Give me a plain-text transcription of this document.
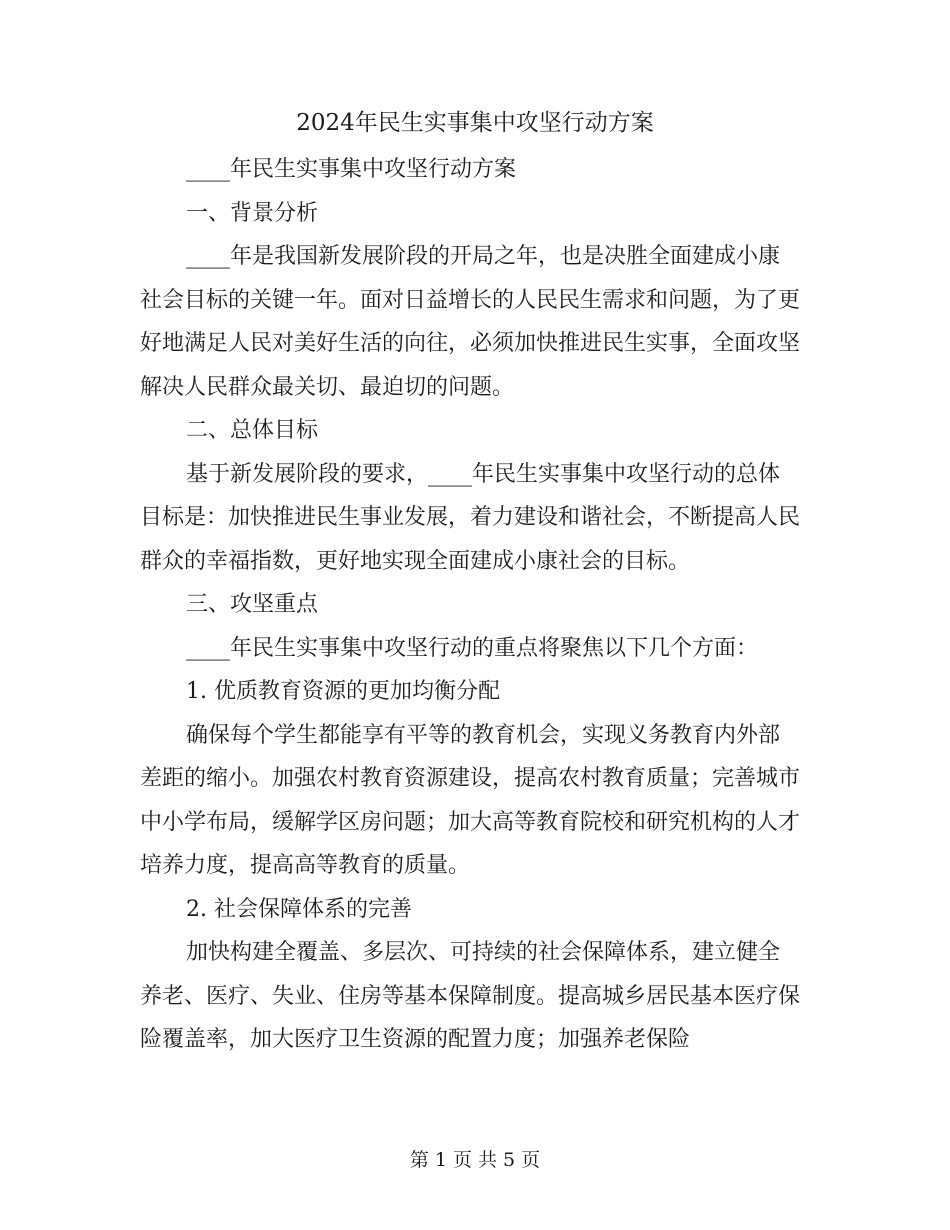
2024年民生实事集中攻坚行动方案

____年民生实事集中攻坚行动方案

一、背景分析

____年是我国新发展阶段的开局之年，也是决胜全面建成小康社会目标的关键一年。面对日益增长的人民民生需求和问题，为了更好地满足人民对美好生活的向往，必须加快推进民生实事，全面攻坚解决人民群众最关切、最迫切的问题。

二、总体目标

基于新发展阶段的要求，____年民生实事集中攻坚行动的总体目标是：加快推进民生事业发展，着力建设和谐社会，不断提高人民群众的幸福指数，更好地实现全面建成小康社会的目标。

三、攻坚重点

____年民生实事集中攻坚行动的重点将聚焦以下几个方面：

1. 优质教育资源的更加均衡分配

确保每个学生都能享有平等的教育机会，实现义务教育内外部差距的缩小。加强农村教育资源建设，提高农村教育质量；完善城市中小学布局，缓解学区房问题；加大高等教育院校和研究机构的人才培养力度，提高高等教育的质量。

2. 社会保障体系的完善

加快构建全覆盖、多层次、可持续的社会保障体系，建立健全养老、医疗、失业、住房等基本保障制度。提高城乡居民基本医疗保险覆盖率，加大医疗卫生资源的配置力度；加强养老保险

第 1 页 共 5 页
